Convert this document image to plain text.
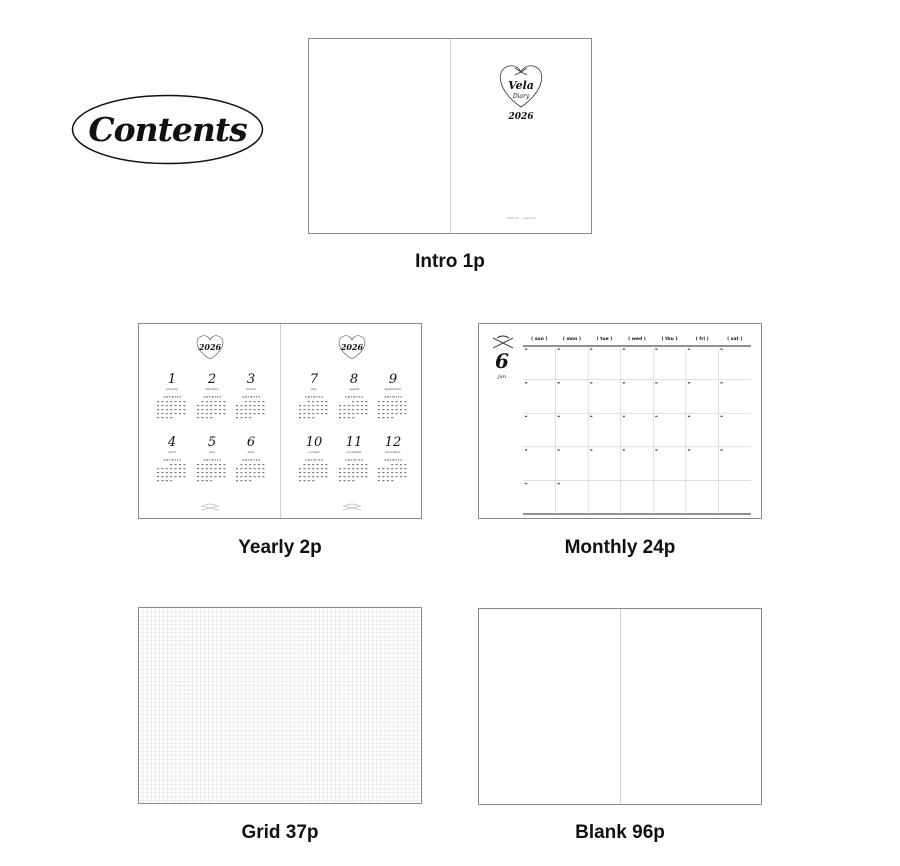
Contents
Vela
Diary
2026
2026.01 ~ 2026.12
Intro 1p
2026	2026
1
january
S M T W T F S
2
february
S M T W T F S
3
march
S M T W T F S
4
april
S M T W T F S
5
may
S M T W T F S
6
june
S M T W T F S
7
july
S M T W T F S
8
august
S M T W T F S
9
september
S M T W T F S
10
october
S M T W T F S
11
november
S M T W T F S
12
december
S M T W T F S
Yearly 2p
6
jun
( sun )	( mon )	( tue )	( wed )	( thu )	( fri )	( sat )
Monthly 24p
Grid 37p	Blank 96p
